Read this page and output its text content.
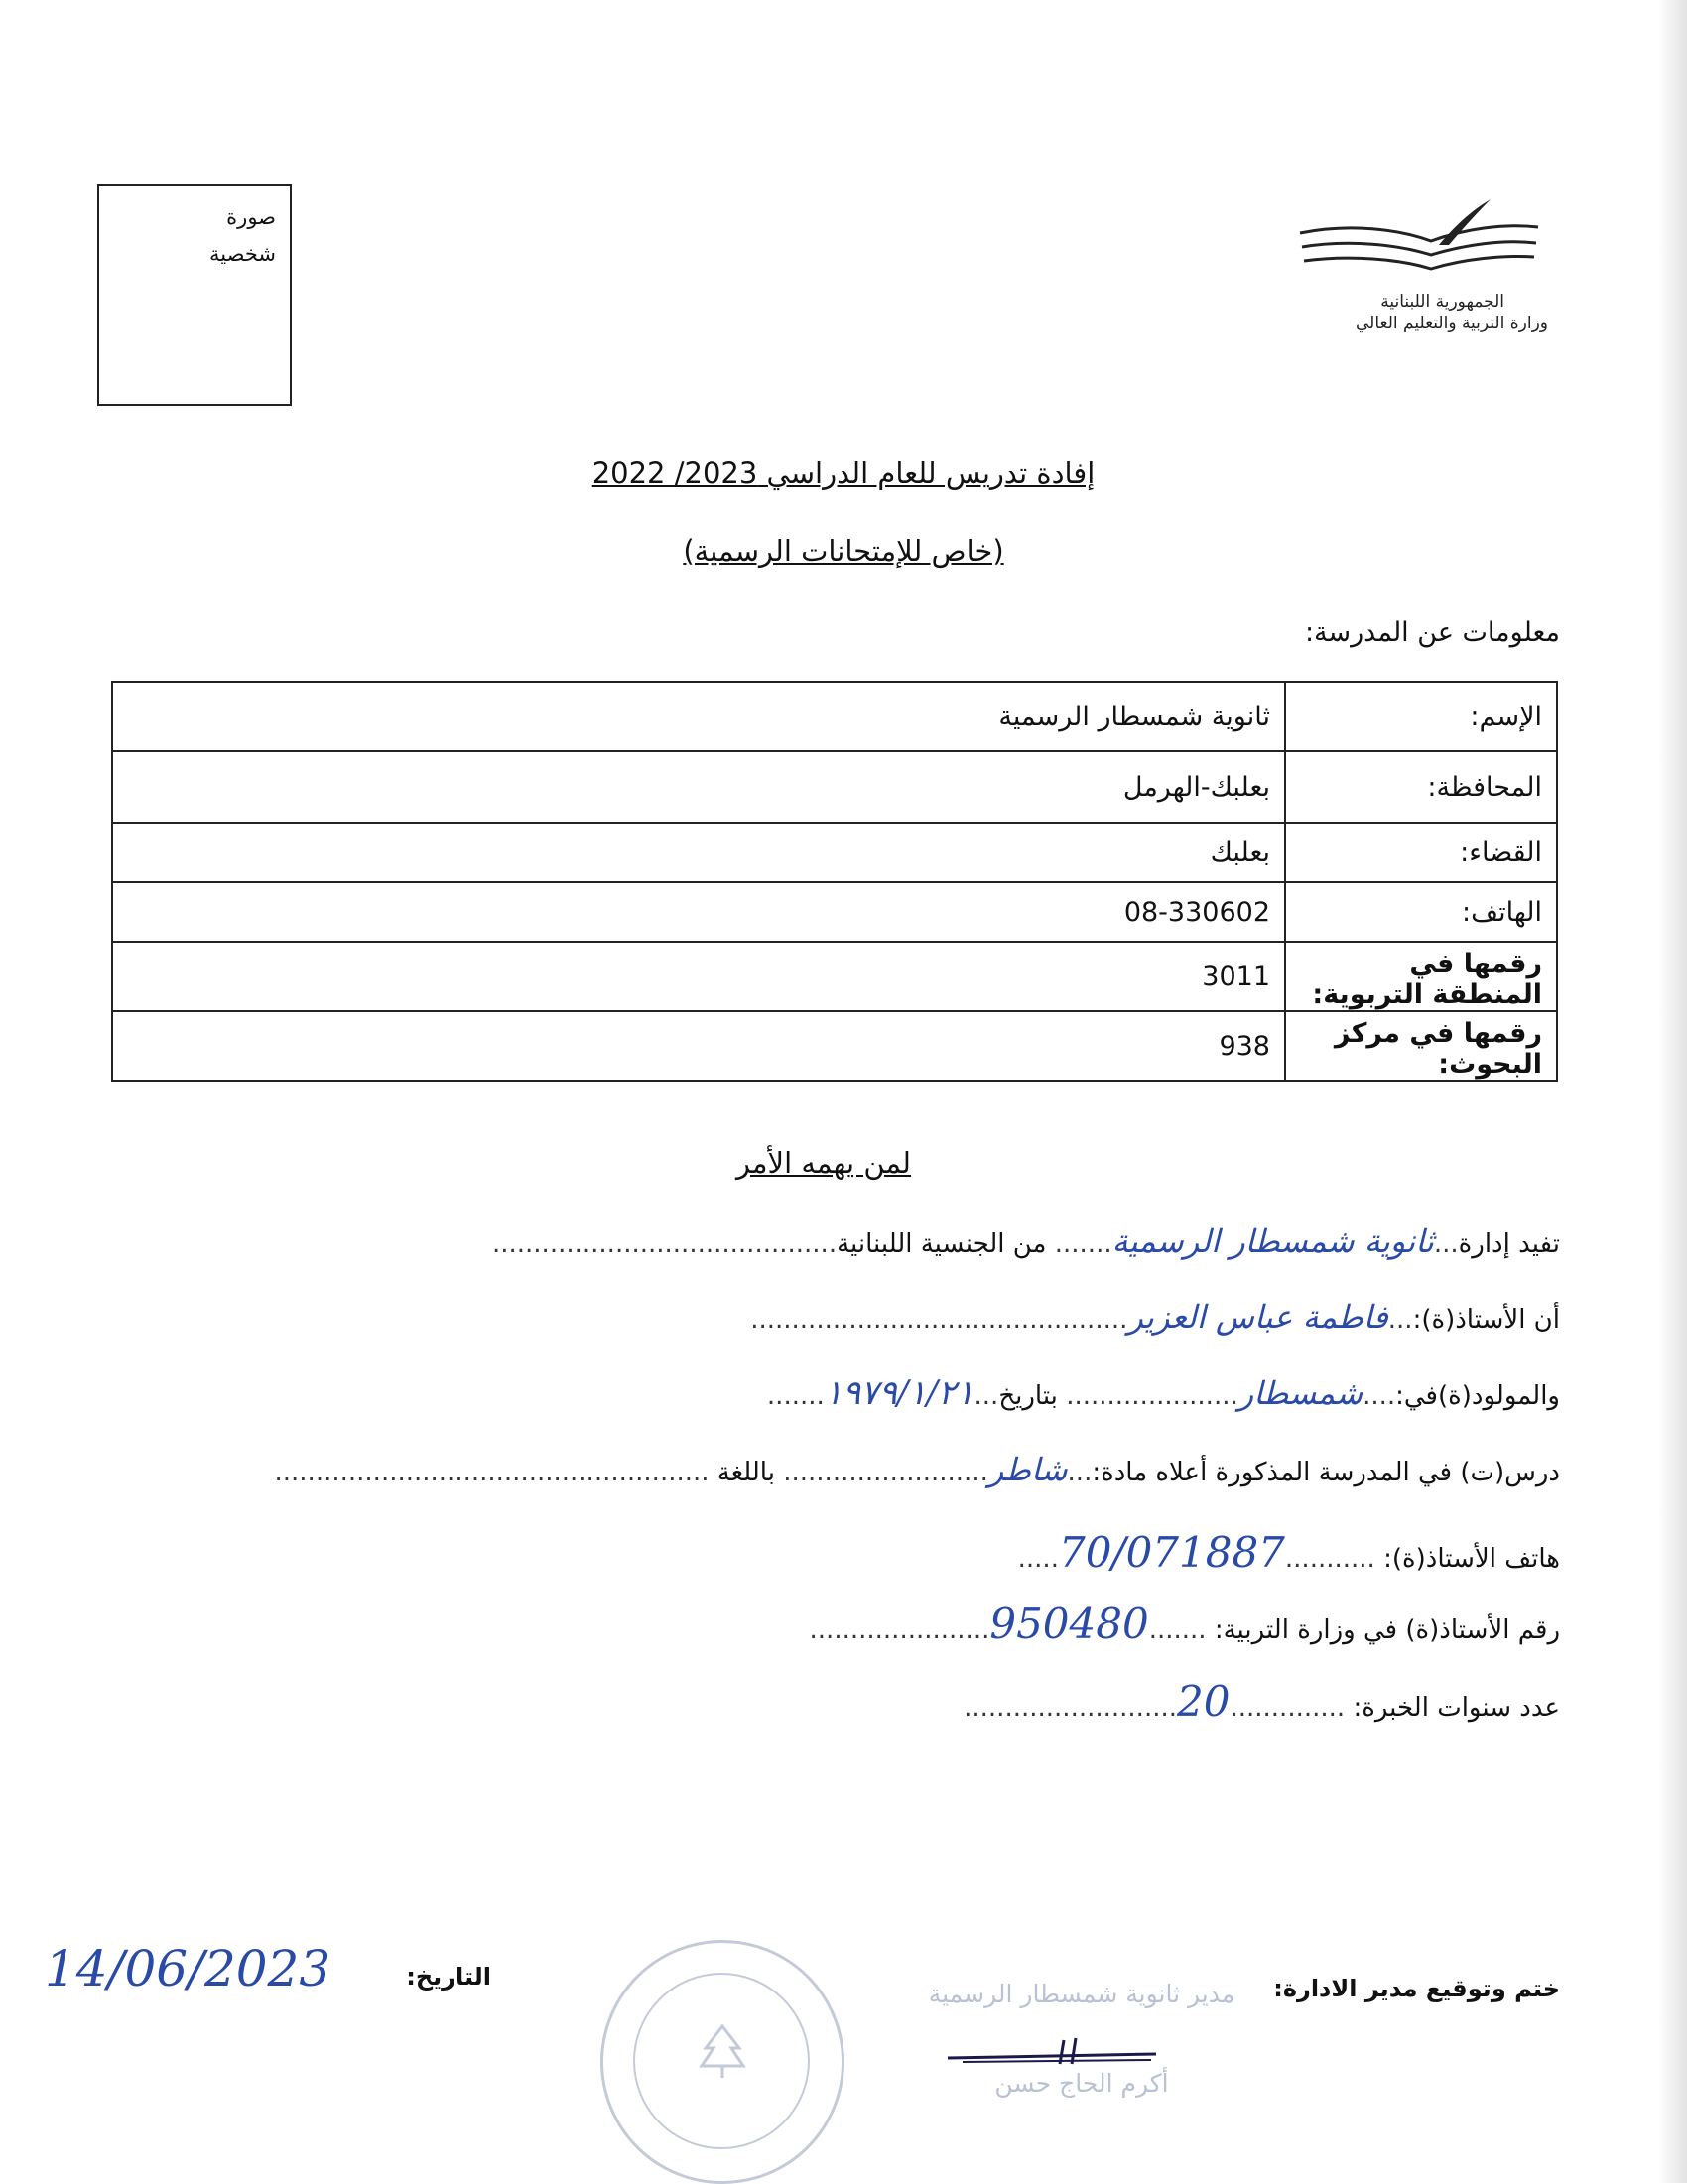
صورة
شخصية
الجمهورية اللبنانية
وزارة التربية والتعليم العالي
إفادة تدريس للعام الدراسي 2023/ 2022
(خاص للإمتحانات الرسمية)
معلومات عن المدرسة:
الإسم:	ثانوية شمسطار الرسمية
المحافظة:	بعلبك-الهرمل
القضاء:	بعلبك
الهاتف:	08-330602
رقمها في المنطقة التربوية:	3011
رقمها في مركز البحوث:	938
لمن يهمه الأمر
تفيد إدارة...ثانوية شمسطار الرسمية....... من الجنسية اللبنانية..........................................
أن الأستاذ(ة):...فاطمة عباس العزير..............................................
والمولود(ة)في:....شمسطار..................... بتاريخ...١٩٧٩/١/٢١.......
درس(ت) في المدرسة المذكورة أعلاه مادة:...شاطر......................... باللغة .....................................................
هاتف الأستاذ(ة): ...........70/071887.....
رقم الأستاذ(ة) في وزارة التربية: .......950480......................
عدد سنوات الخبرة: ..............20..........................
ختم وتوقيع مدير الادارة:
التاريخ:
14/06/2023	مدير ثانوية شمسطار الرسمية
أكرم الحاج حسن
